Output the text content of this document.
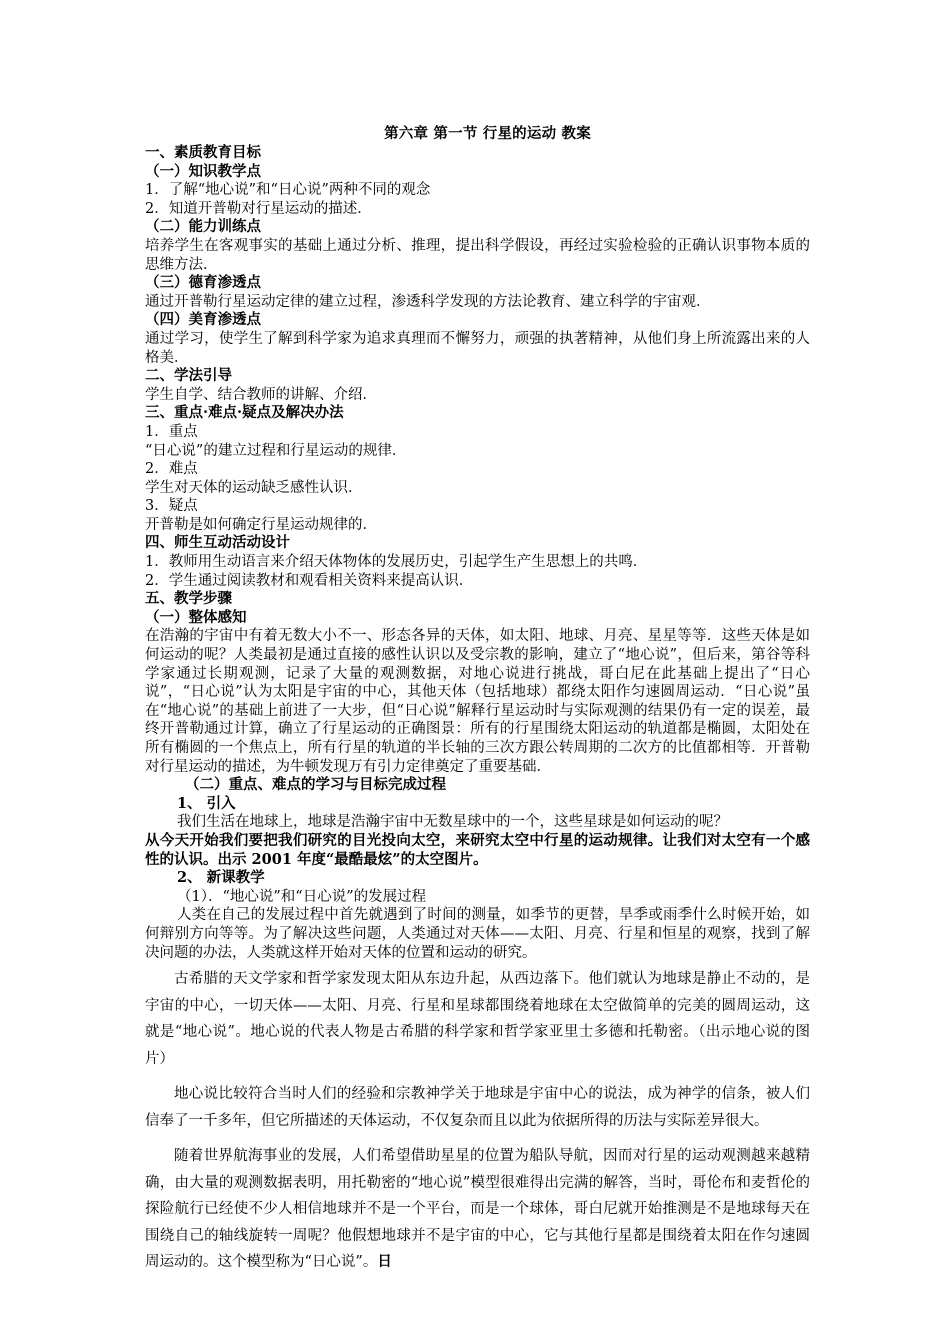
第六章 第一节 行星的运动 教案

一、素质教育目标

（一）知识教学点

1．了解“地心说”和“日心说”两种不同的观念

2．知道开普勒对行星运动的描述．

（二）能力训练点

培养学生在客观事实的基础上通过分析、推理，提出科学假设，再经过实验检验的正确认识事物本质的思维方法．

（三）德育渗透点

通过开普勒行星运动定律的建立过程，渗透科学发现的方法论教育、建立科学的宇宙观．

（四）美育渗透点

通过学习，使学生了解到科学家为追求真理而不懈努力，顽强的执著精神，从他们身上所流露出来的人格美．

二、学法引导

学生自学、结合教师的讲解、介绍．

三、重点·难点·疑点及解决办法

1．重点

“日心说”的建立过程和行星运动的规律．

2．难点

学生对天体的运动缺乏感性认识．

3．疑点

开普勒是如何确定行星运动规律的．

四、师生互动活动设计

1．教师用生动语言来介绍天体物体的发展历史，引起学生产生思想上的共鸣．

2．学生通过阅读教材和观看相关资料来提高认识．

五、教学步骤

（一）整体感知

在浩瀚的宇宙中有着无数大小不一、形态各异的天体，如太阳、地球、月亮、星星等等．这些天体是如何运动的呢？人类最初是通过直接的感性认识以及受宗教的影响，建立了“地心说”，但后来，第谷等科学家通过长期观测，记录了大量的观测数据，对地心说进行挑战，哥白尼在此基础上提出了“日心说”，“日心说”认为太阳是宇宙的中心，其他天体（包括地球）都绕太阳作匀速圆周运动．“日心说”虽在“地心说”的基础上前进了一大步，但“日心说”解释行星运动时与实际观测的结果仍有一定的误差，最终开普勒通过计算，确立了行星运动的正确图景：所有的行星围绕太阳运动的轨道都是椭圆，太阳处在所有椭圆的一个焦点上，所有行星的轨道的半长轴的三次方跟公转周期的二次方的比值都相等．开普勒对行星运动的描述，为牛顿发现万有引力定律奠定了重要基础．

（二）重点、难点的学习与目标完成过程

1、 引入

我们生活在地球上，地球是浩瀚宇宙中无数星球中的一个，这些星球是如何运动的呢？

从今天开始我们要把我们研究的目光投向太空，来研究太空中行星的运动规律。让我们对太空有一个感性的认识。出示 2001 年度“最酷最炫”的太空图片。

2、 新课教学

（1）．“地心说”和“日心说”的发展过程

人类在自己的发展过程中首先就遇到了时间的测量，如季节的更替，旱季或雨季什么时候开始，如何辩别方向等等。为了解决这些问题，人类通过对天体——太阳、月亮、行星和恒星的观察，找到了解决问题的办法，人类就这样开始对天体的位置和运动的研究。

古希腊的天文学家和哲学家发现太阳从东边升起，从西边落下。他们就认为地球是静止不动的，是宇宙的中心，一切天体——太阳、月亮、行星和星球都围绕着地球在太空做简单的完美的圆周运动，这就是“地心说”。地心说的代表人物是古希腊的科学家和哲学家亚里士多德和托勒密。（出示地心说的图片）

地心说比较符合当时人们的经验和宗教神学关于地球是宇宙中心的说法，成为神学的信条，被人们信奉了一千多年，但它所描述的天体运动，不仅复杂而且以此为依据所得的历法与实际差异很大。

随着世界航海事业的发展，人们希望借助星星的位置为船队导航，因而对行星的运动观测越来越精确，由大量的观测数据表明，用托勒密的“地心说”模型很难得出完满的解答，当时，哥伦布和麦哲伦的探险航行已经使不少人相信地球并不是一个平台，而是一个球体，哥白尼就开始推测是不是地球每天在围绕自己的轴线旋转一周呢？他假想地球并不是宇宙的中心，它与其他行星都是围绕着太阳在作匀速圆周运动的。这个模型称为“日心说”。日
